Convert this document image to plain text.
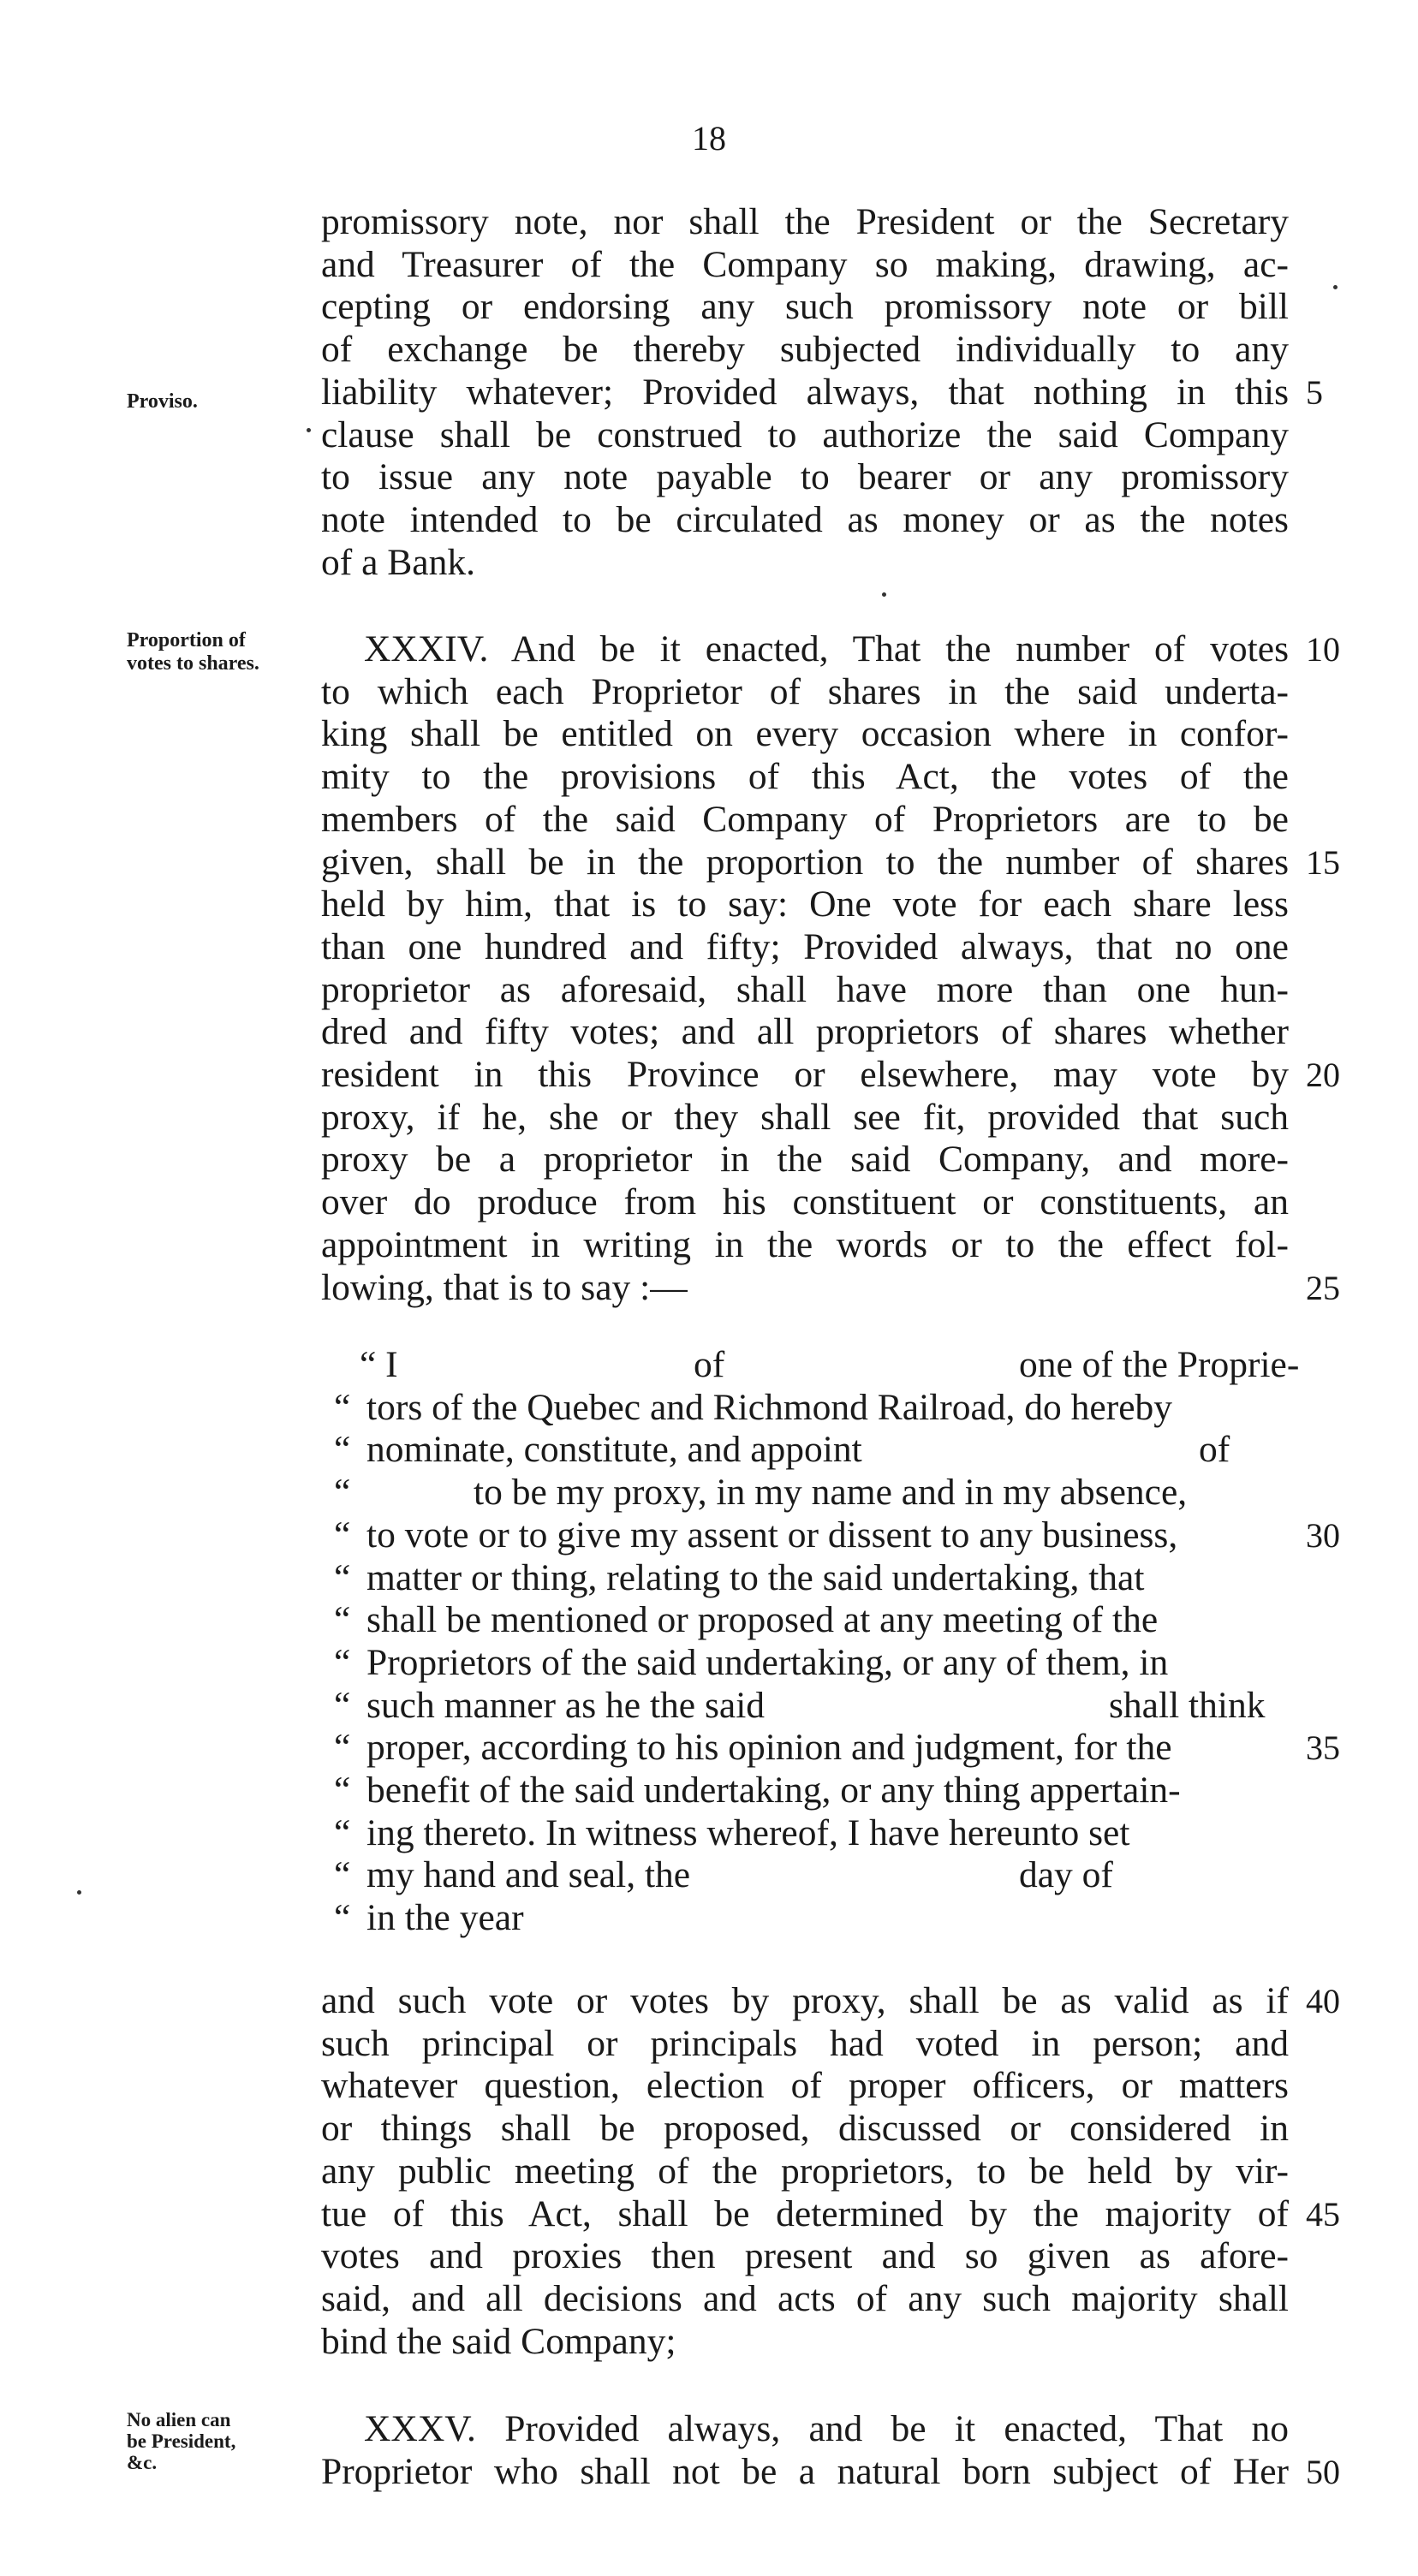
18
Proviso.
promissory note, nor shall the President or the Secretary
and Treasurer of the Company so making, drawing, ac-
cepting or endorsing any such promissory note or bill
of exchange be thereby subjected individually to any
liability whatever; Provided always, that nothing in this 5
clause shall be construed to authorize the said Company
to issue any note payable to bearer or any promissory
note intended to be circulated as money or as the notes
of a Bank.
Proportion of
votes to shares.	XXXIV. And be it enacted, That the number of votes 10
to which each Proprietor of shares in the said underta-
king shall be entitled on every occasion where in confor-
mity to the provisions of this Act, the votes of the
members of the said Company of Proprietors are to be
given, shall be in the proportion to the number of shares 15
held by him, that is to say: One vote for each share less
than one hundred and fifty; Provided always, that no one
proprietor as aforesaid, shall have more than one hun-
dred and fifty votes; and all proprietors of shares whether
resident in this Province or elsewhere, may vote by 20
proxy, if he, she or they shall see fit, provided that such
proxy be a proprietor in the said Company, and more-
over do produce from his constituent or constituents, an
appointment in writing in the words or to the effect fol-
lowing, that is to say :—	25
“ I	of	one of the Proprie-
“ tors of the Quebec and Richmond Railroad, do hereby
“ nominate, constitute, and appoint	of
“	to be my proxy, in my name and in my absence,
“ to vote or to give my assent or dissent to any business,	30
“ matter or thing, relating to the said undertaking, that
“ shall be mentioned or proposed at any meeting of the
“ Proprietors of the said undertaking, or any of them, in
“ such manner as he the said	shall think
“ proper, according to his opinion and judgment, for the	35
“ benefit of the said undertaking, or any thing appertain-
“ ing thereto. In witness whereof, I have hereunto set
“ my hand and seal, the	day of
“ in the year
and such vote or votes by proxy, shall be as valid as if 40
such principal or principals had voted in person; and
whatever question, election of proper officers, or matters
or things shall be proposed, discussed or considered in
any public meeting of the proprietors, to be held by vir-
tue of this Act, shall be determined by the majority of 45
votes and proxies then present and so given as afore-
said, and all decisions and acts of any such majority shall
bind the said Company;
No alien can
be President,
&c.
XXXV. Provided always, and be it enacted, That no
Proprietor who shall not be a natural born subject of Her 50
